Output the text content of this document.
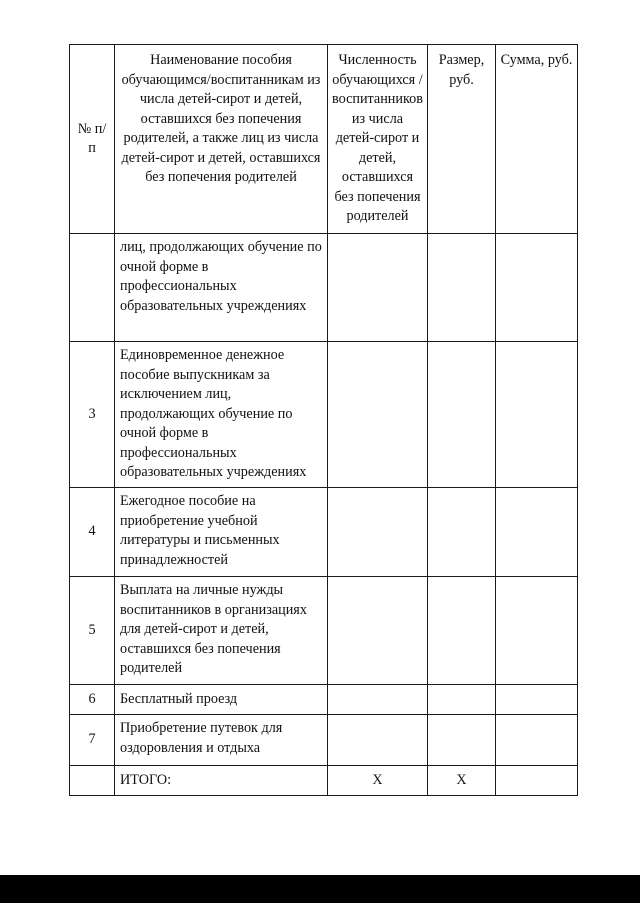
№ п/п	Наименование пособия обучающимся/воспитанникам из числа детей-сирот и детей, оставшихся без попечения родителей, а также лиц из числа детей-сирот и детей, оставшихся без попечения родителей	Численность обучающихся /воспитанников из числа детей-сирот и детей, оставшихся без попечения родителей	Размер, руб.	Сумма, руб.
	лиц, продолжающих обучение по очной форме в профессиональных образовательных учреждениях			
3	Единовременное денежное пособие выпускникам за исключением лиц, продолжающих обучение по очной форме в профессиональных образовательных учреждениях			
4	Ежегодное пособие на приобретение учебной литературы и письменных принадлежностей			
5	Выплата на личные нужды воспитанников в организациях для детей-сирот и детей, оставшихся без попечения родителей			
6	Бесплатный проезд			
7	Приобретение путевок для оздоровления и отдыха			
	ИТОГО:	Х	Х	
